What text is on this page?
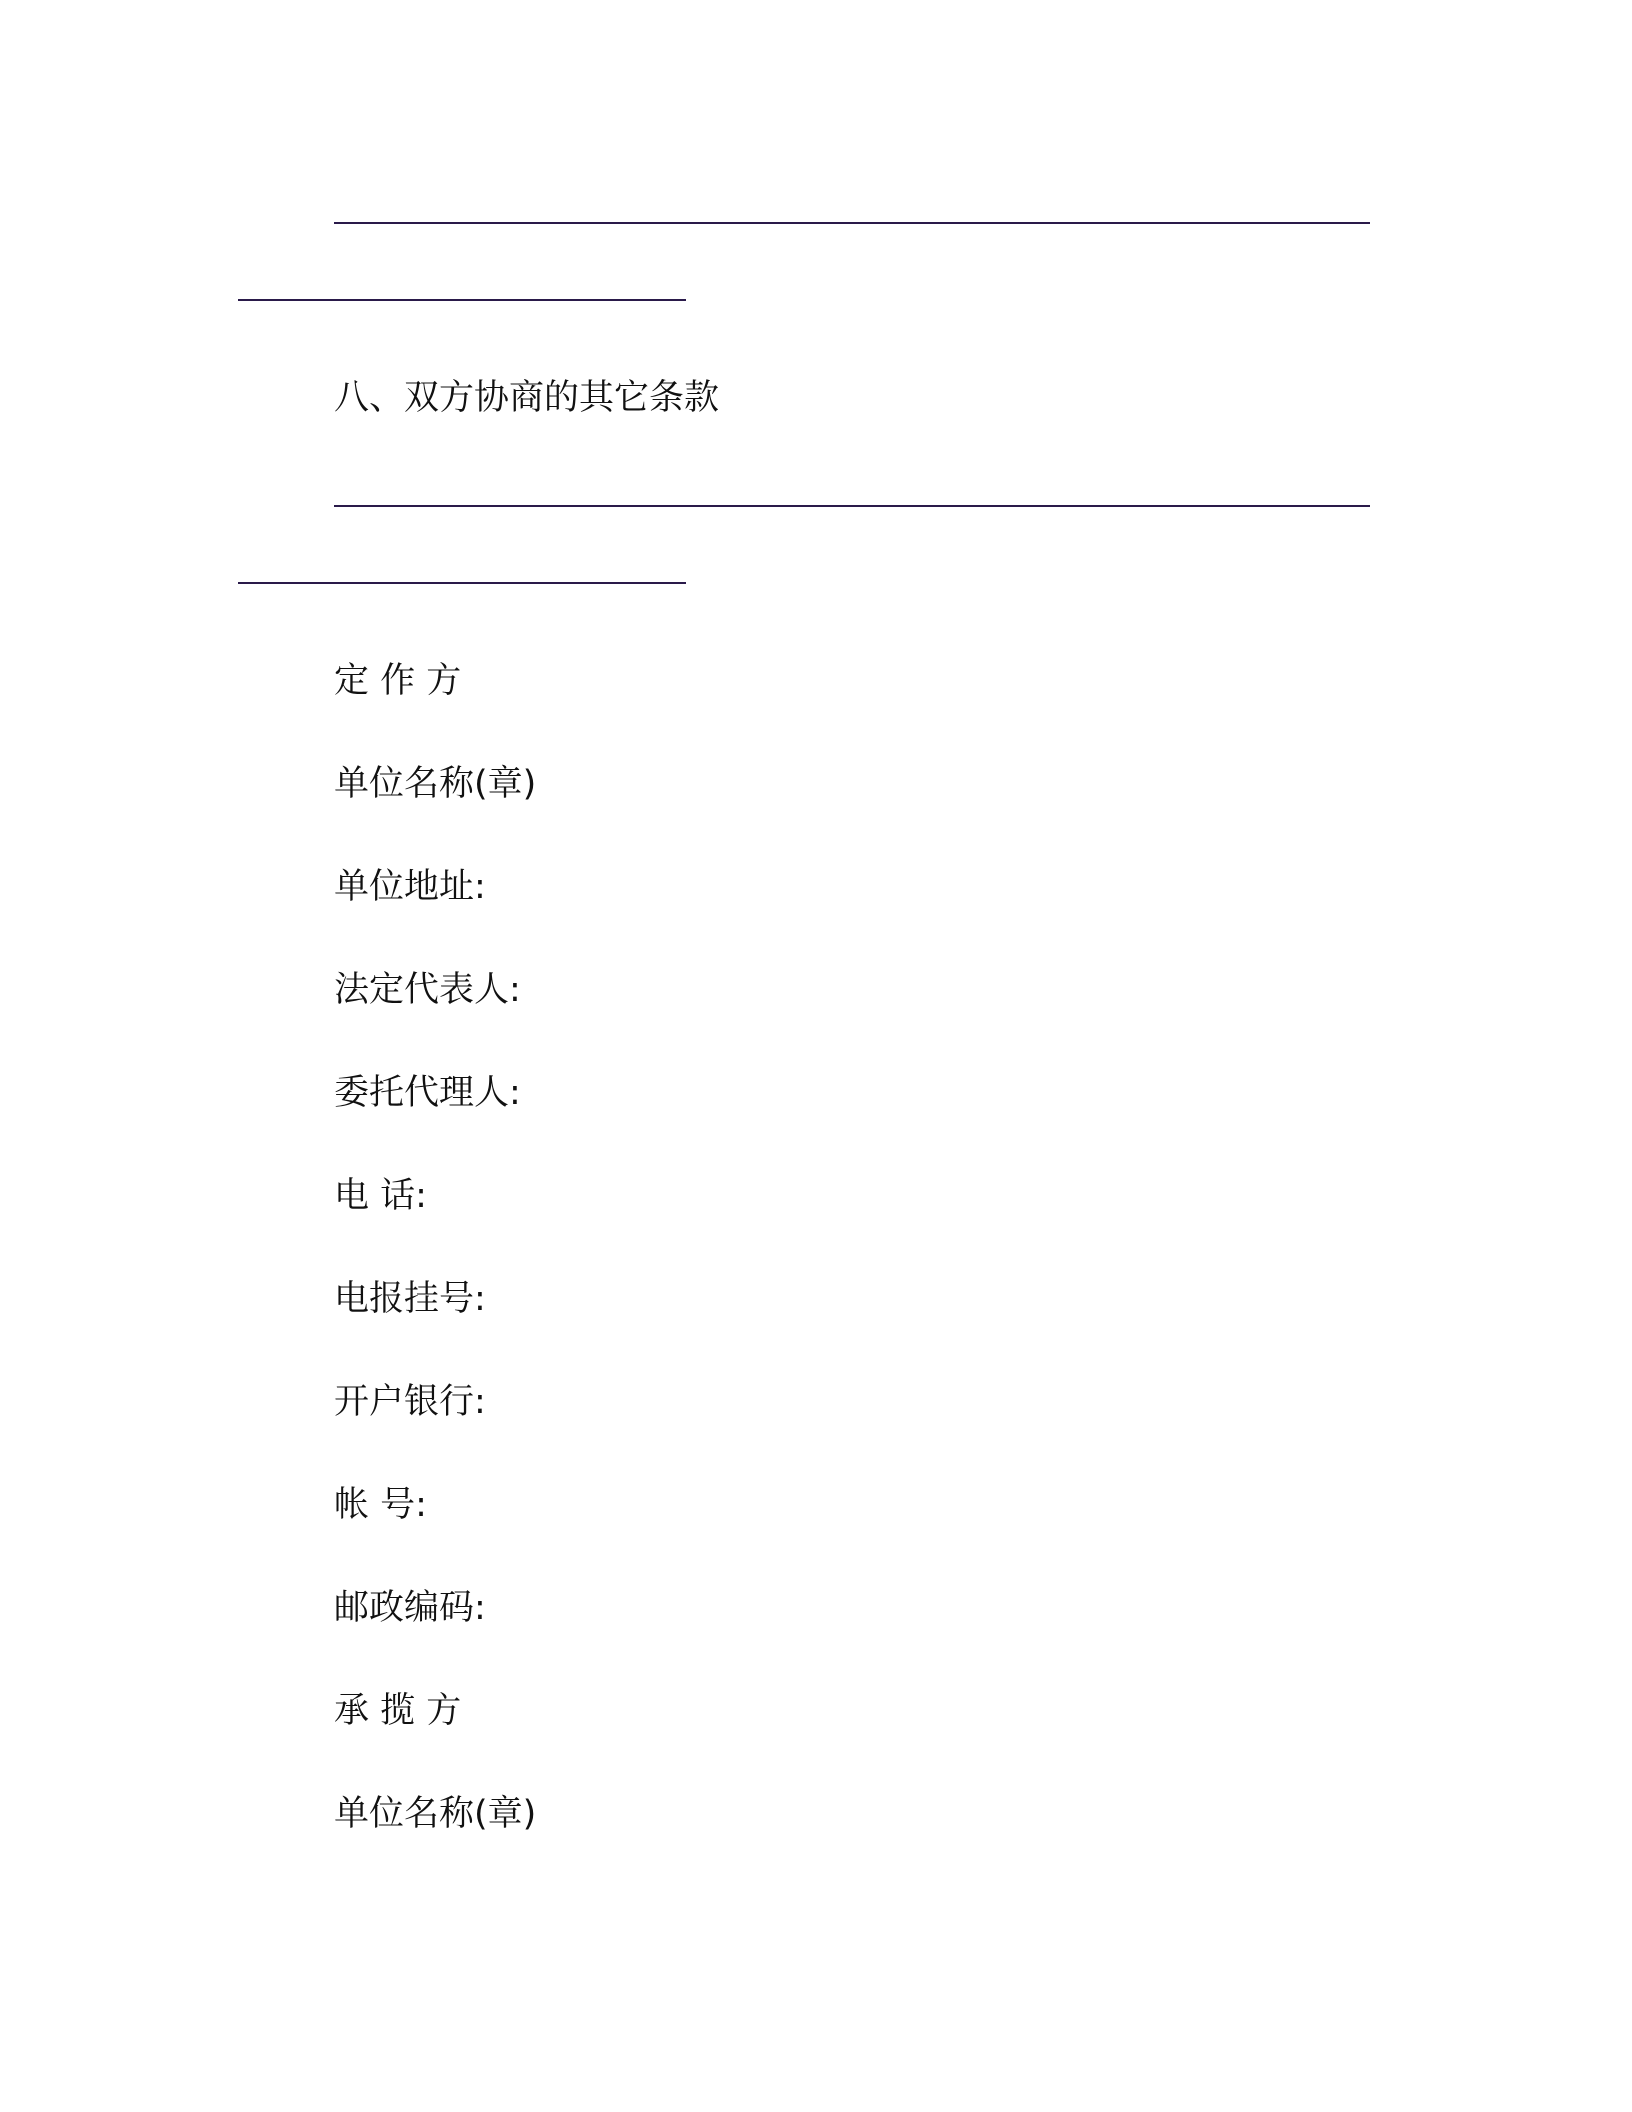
八、双方协商的其它条款
定 作 方
单位名称(章)
单位地址:
法定代表人:
委托代理人:
电 话:
电报挂号:
开户银行:
帐 号:
邮政编码:
承 揽 方
单位名称(章)
